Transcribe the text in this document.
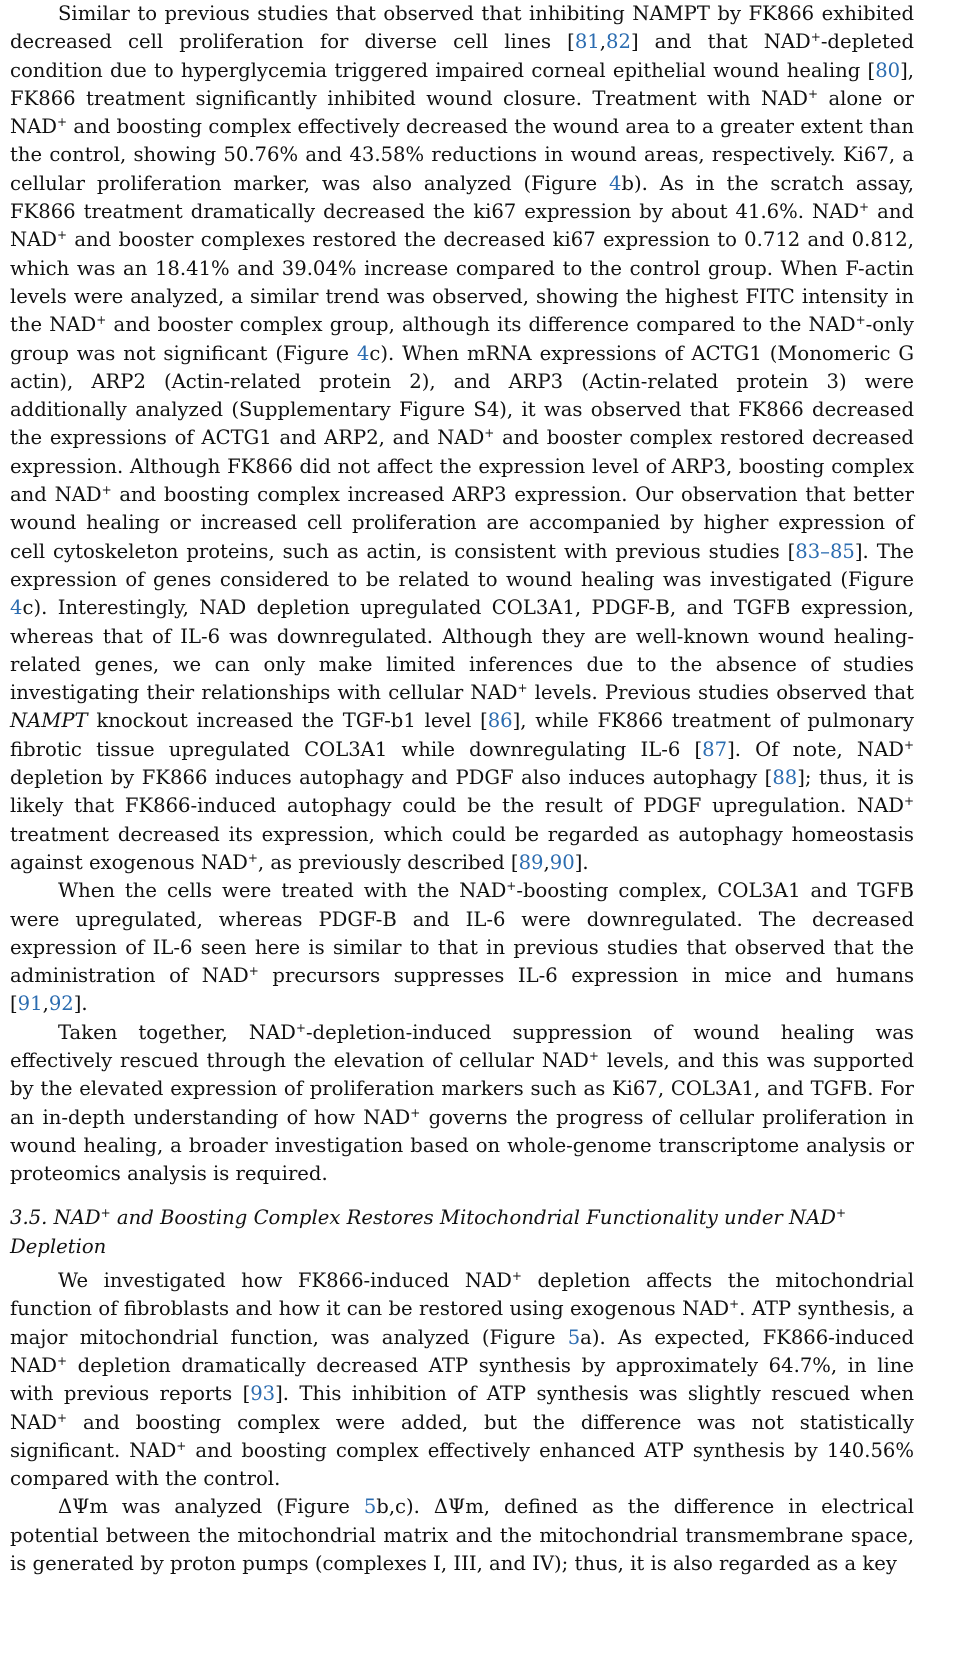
Similar to previous studies that observed that inhibiting NAMPT by FK866 exhibited decreased cell proliferation for diverse cell lines [81,82] and that NAD+-depleted condition due to hyperglycemia triggered impaired corneal epithelial wound healing [80], FK866 treatment significantly inhibited wound closure. Treatment with NAD+ alone or NAD+ and boosting complex effectively decreased the wound area to a greater extent than the control, showing 50.76% and 43.58% reductions in wound areas, respectively. Ki67, a cellular proliferation marker, was also analyzed (Figure 4b). As in the scratch assay, FK866 treatment dramatically decreased the ki67 expression by about 41.6%. NAD+ and NAD+ and booster complexes restored the decreased ki67 expression to 0.712 and 0.812, which was an 18.41% and 39.04% increase compared to the control group. When F-actin levels were analyzed, a similar trend was observed, showing the highest FITC intensity in the NAD+ and booster complex group, although its difference compared to the NAD+-only group was not significant (Figure 4c). When mRNA expressions of ACTG1 (Monomeric G actin), ARP2 (Actin-related protein 2), and ARP3 (Actin-related protein 3) were additionally analyzed (Supplementary Figure S4), it was observed that FK866 decreased the expressions of ACTG1 and ARP2, and NAD+ and booster complex restored decreased expression. Although FK866 did not affect the expression level of ARP3, boosting complex and NAD+ and boosting complex increased ARP3 expression. Our observation that better wound healing or increased cell proliferation are accompanied by higher expression of cell cytoskeleton proteins, such as actin, is consistent with previous studies [83–85]. The expression of genes considered to be related to wound healing was investigated (Figure 4c). Interestingly, NAD depletion upregulated COL3A1, PDGF-B, and TGFB expression, whereas that of IL-6 was downregulated. Although they are well-known wound healing-related genes, we can only make limited inferences due to the absence of studies investigating their relationships with cellular NAD+ levels. Previous studies observed that NAMPT knockout increased the TGF-b1 level [86], while FK866 treatment of pulmonary fibrotic tissue upregulated COL3A1 while downregulating IL-6 [87]. Of note, NAD+ depletion by FK866 induces autophagy and PDGF also induces autophagy [88]; thus, it is likely that FK866-induced autophagy could be the result of PDGF upregulation. NAD+ treatment decreased its expression, which could be regarded as autophagy homeostasis against exogenous NAD+, as previously described [89,90].

When the cells were treated with the NAD+-boosting complex, COL3A1 and TGFB were upregulated, whereas PDGF-B and IL-6 were downregulated. The decreased expression of IL-6 seen here is similar to that in previous studies that observed that the administration of NAD+ precursors suppresses IL-6 expression in mice and humans [91,92].

Taken together, NAD+-depletion-induced suppression of wound healing was effectively rescued through the elevation of cellular NAD+ levels, and this was supported by the elevated expression of proliferation markers such as Ki67, COL3A1, and TGFB. For an in-depth understanding of how NAD+ governs the progress of cellular proliferation in wound healing, a broader investigation based on whole-genome transcriptome analysis or proteomics analysis is required.

3.5. NAD+ and Boosting Complex Restores Mitochondrial Functionality under NAD+ Depletion

We investigated how FK866-induced NAD+ depletion affects the mitochondrial function of fibroblasts and how it can be restored using exogenous NAD+. ATP synthesis, a major mitochondrial function, was analyzed (Figure 5a). As expected, FK866-induced NAD+ depletion dramatically decreased ATP synthesis by approximately 64.7%, in line with previous reports [93]. This inhibition of ATP synthesis was slightly rescued when NAD+ and boosting complex were added, but the difference was not statistically significant. NAD+ and boosting complex effectively enhanced ATP synthesis by 140.56% compared with the control.

ΔΨm was analyzed (Figure 5b,c). ΔΨm, defined as the difference in electrical potential between the mitochondrial matrix and the mitochondrial transmembrane space, is generated by proton pumps (complexes I, III, and IV); thus, it is also regarded as a key
